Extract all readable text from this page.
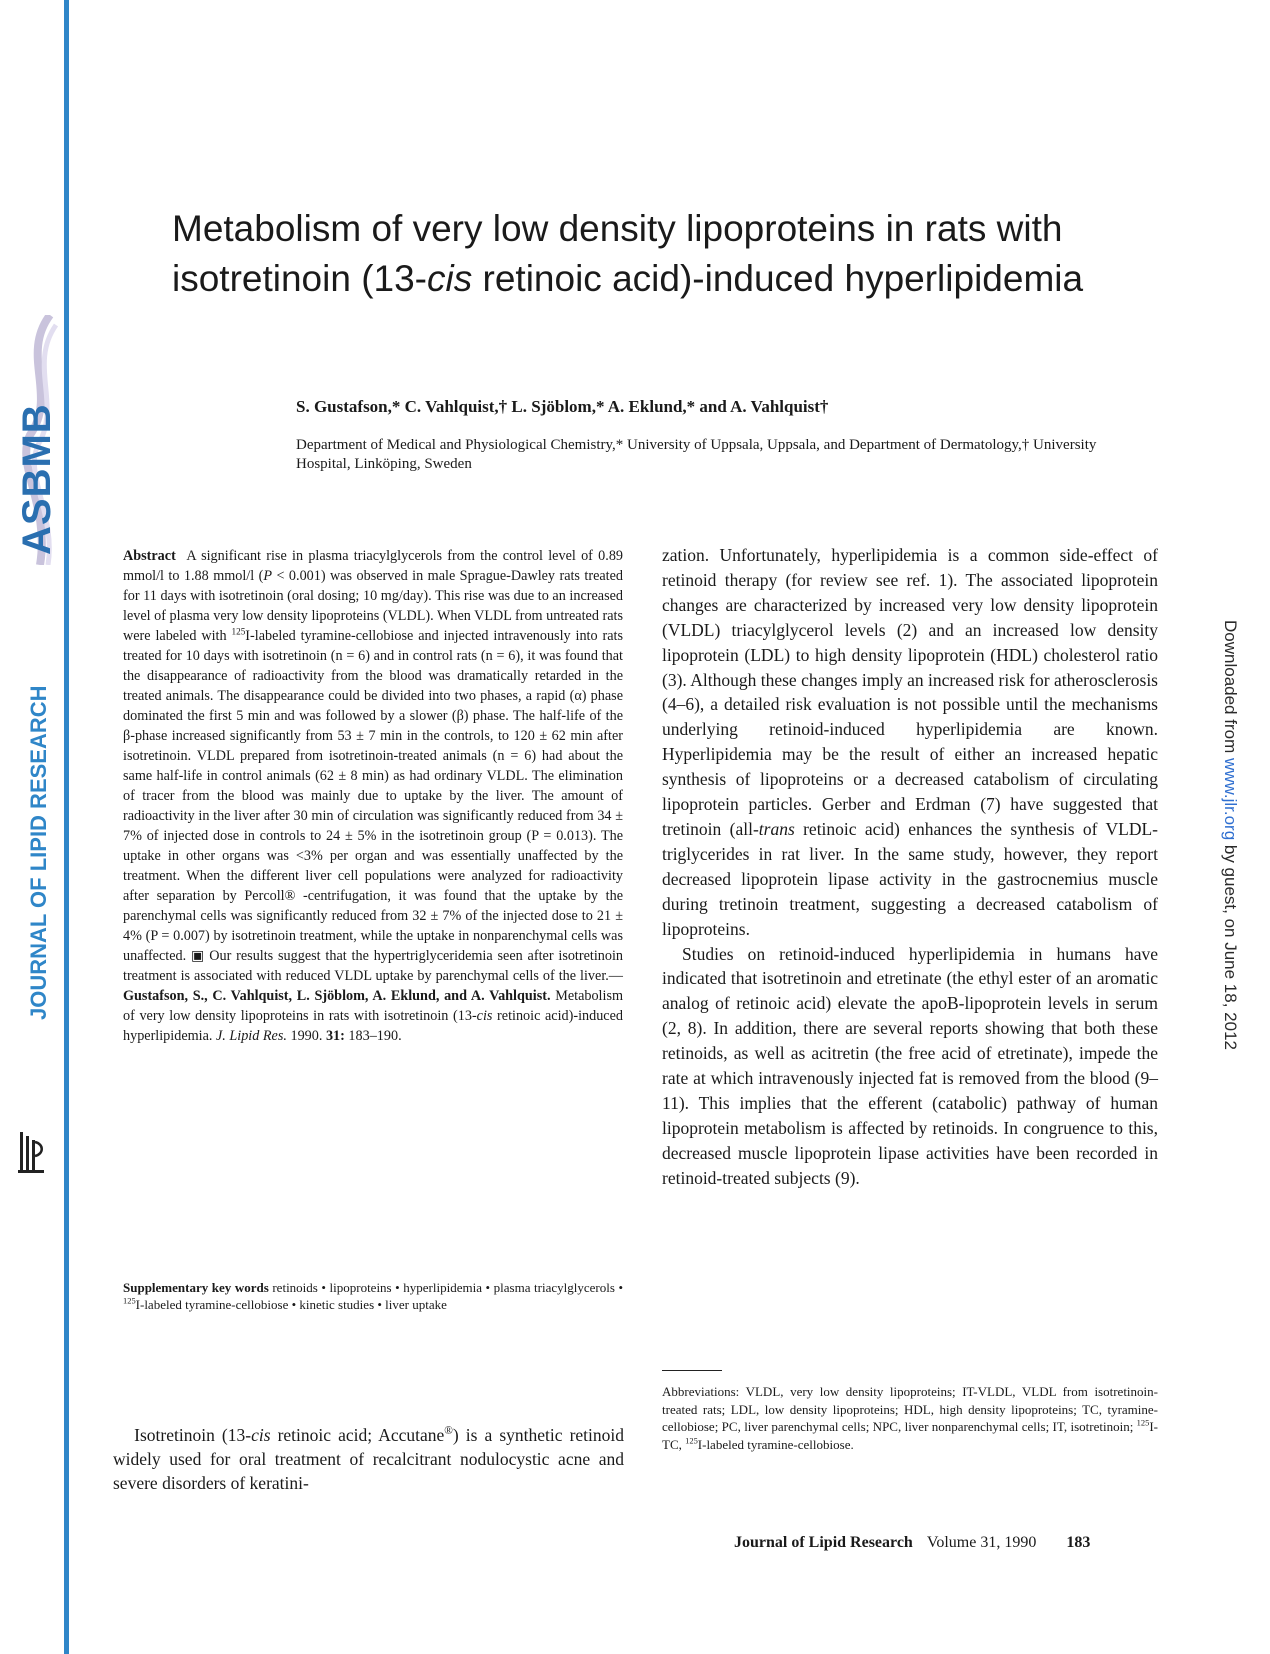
ASBMB
JOURNAL OF LIPID RESEARCH	Downloaded from www.jlr.org by guest, on June 18, 2012
Metabolism of very low density lipoproteins in rats with isotretinoin (13-cis retinoic acid)-induced hyperlipidemia
S. Gustafson,* C. Vahlquist,† L. Sjöblom,* A. Eklund,* and A. Vahlquist†
Department of Medical and Physiological Chemistry,* University of Uppsala, Uppsala, and Department of Dermatology,† University Hospital, Linköping, Sweden
Abstract A significant rise in plasma triacylglycerols from the control level of 0.89 mmol/l to 1.88 mmol/l (P < 0.001) was observed in male Sprague-Dawley rats treated for 11 days with isotretinoin (oral dosing; 10 mg/day). This rise was due to an increased level of plasma very low density lipoproteins (VLDL). When VLDL from untreated rats were labeled with $^{125}$I-labeled tyramine-cellobiose and injected intravenously into rats treated for 10 days with isotretinoin (n = 6) and in control rats (n = 6), it was found that the disappearance of radioactivity from the blood was dramatically retarded in the treated animals. The disappearance could be divided into two phases, a rapid (α) phase dominated the first 5 min and was followed by a slower (β) phase. The half-life of the β-phase increased significantly from 53 ± 7 min in the controls, to 120 ± 62 min after isotretinoin. VLDL prepared from isotretinoin-treated animals (n = 6) had about the same half-life in control animals (62 ± 8 min) as had ordinary VLDL. The elimination of tracer from the blood was mainly due to uptake by the liver. The amount of radioactivity in the liver after 30 min of circulation was significantly reduced from 34 ± 7% of injected dose in controls to 24 ± 5% in the isotretinoin group (P = 0.013). The uptake in other organs was <3% per organ and was essentially unaffected by the treatment. When the different liver cell populations were analyzed for radioactivity after separation by Percoll® -centrifugation, it was found that the uptake by the parenchymal cells was significantly reduced from 32 ± 7% of the injected dose to 21 ± 4% (P = 0.007) by isotretinoin treatment, while the uptake in nonparenchymal cells was unaffected. ▣ Our results suggest that the hypertriglyceridemia seen after isotretinoin treatment is associated with reduced VLDL uptake by parenchymal cells of the liver.—Gustafson, S., C. Vahlquist, L. Sjöblom, A. Eklund, and A. Vahlquist. Metabolism of very low density lipoproteins in rats with isotretinoin (13-cis retinoic acid)-induced hyperlipidemia. J. Lipid Res. 1990. 31: 183–190.
Supplementary key words retinoids • lipoproteins • hyperlipidemia • plasma triacylglycerols • $^{125}$I-labeled tyramine-cellobiose • kinetic studies • liver uptake
Isotretinoin (13-cis retinoic acid; Accutane®) is a synthetic retinoid widely used for oral treatment of recalcitrant nodulocystic acne and severe disorders of keratini-

zation. Unfortunately, hyperlipidemia is a common side-effect of retinoid therapy (for review see ref. 1). The associated lipoprotein changes are characterized by increased very low density lipoprotein (VLDL) triacylglycerol levels (2) and an increased low density lipoprotein (LDL) to high density lipoprotein (HDL) cholesterol ratio (3). Although these changes imply an increased risk for atherosclerosis (4–6), a detailed risk evaluation is not possible until the mechanisms underlying retinoid-induced hyperlipidemia are known. Hyperlipidemia may be the result of either an increased hepatic synthesis of lipoproteins or a decreased catabolism of circulating lipoprotein particles. Gerber and Erdman (7) have suggested that tretinoin (all-trans retinoic acid) enhances the synthesis of VLDL-triglycerides in rat liver. In the same study, however, they report decreased lipoprotein lipase activity in the gastrocnemius muscle during tretinoin treatment, suggesting a decreased catabolism of lipoproteins.

Studies on retinoid-induced hyperlipidemia in humans have indicated that isotretinoin and etretinate (the ethyl ester of an aromatic analog of retinoic acid) elevate the apoB-lipoprotein levels in serum (2, 8). In addition, there are several reports showing that both these retinoids, as well as acitretin (the free acid of etretinate), impede the rate at which intravenously injected fat is removed from the blood (9–11). This implies that the efferent (catabolic) pathway of human lipoprotein metabolism is affected by retinoids. In congruence to this, decreased muscle lipoprotein lipase activities have been recorded in retinoid-treated subjects (9).

Abbreviations: VLDL, very low density lipoproteins; IT-VLDL, VLDL from isotretinoin-treated rats; LDL, low density lipoproteins; HDL, high density lipoproteins; TC, tyramine-cellobiose; PC, liver parenchymal cells; NPC, liver nonparenchymal cells; IT, isotretinoin; $^{125}$I-TC, $^{125}$I-labeled tyramine-cellobiose.
Journal of Lipid Research Volume 31, 1990 183
